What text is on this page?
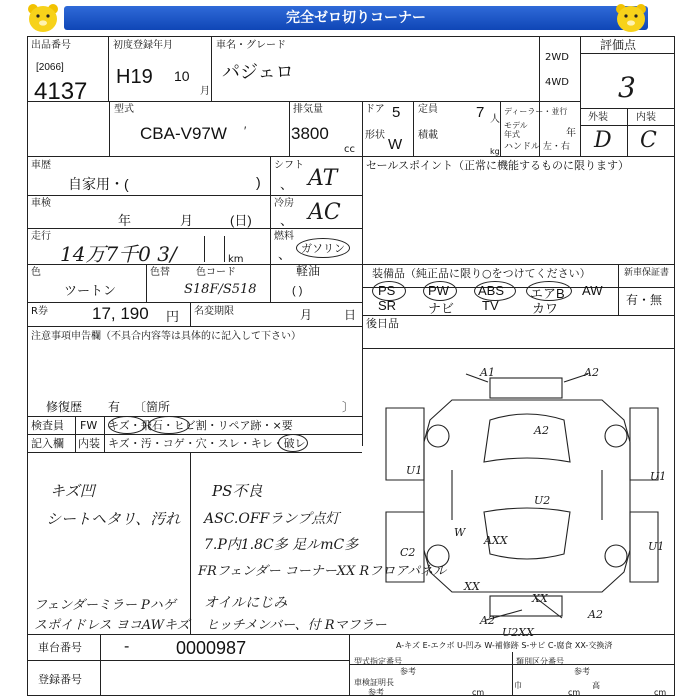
完全ゼロ切りコーナー
出品番号
[2066]
4137
初度登録年月
H19 10
月
車名・グレード
パジェロ
2WD
4WD
評価点
3
外装	内装
D C
型式
CBA-V97W ′
排気量
3800
cc
ドア 5 定員	7 人
ディーラー・並行
モデル
年式	年
形状
W
積載
kg ハンドル 左・右
車歴
自家用・(	)
シフト
、 AT
車検
年	月	(日)
冷房
、 AC
走行
14万7千0 3/	km
燃料
、 ガソリン
軽油
( )
色
ツートン
色替	色コード
S18F/S518
R券	17, 190 円 名変期限	月	日
注意事項申告欄（不具合内容等は具体的に記入して下さい）
修復歴 有 〔箇所	〕
検査員 FW キズ・飛石・ヒビ割・リペア跡・×要
記入欄 内装 キズ・汚・コゲ・穴・スレ・キレ・破レ
キズ凹
シートヘタリ、汚れ
PS不良
ASC.OFFランプ点灯
7.P内1.8C多 足ルmC多
FRフェンダー コーナーXX Rフロアパネル
オイルにじみ
フェンダーミラー Pハゲ
スポイドレス ヨコAWキズ ヒッチメンバー、付 Rマフラー
セールスポイント（正常に機能するものに限ります）
装備品（純正品に限り○をつけてください）
PS	PW ABS エアB AW
SR ナビ TV	カワ
新車保証書
有・無
後日品
A1	A2
A2
U1	U1
U2
W
AXX
C2
XX
XX
A2
A2
U1
U2XX
A-キズ E-エクボ U-凹み W-補修跡 S-サビ C-腐食 XX-交換済
車台番号	-	0000987
登録番号
型式指定番号
参考
類別区分番号
参考
車検証明長
参考	cm
巾
cm
高
cm
